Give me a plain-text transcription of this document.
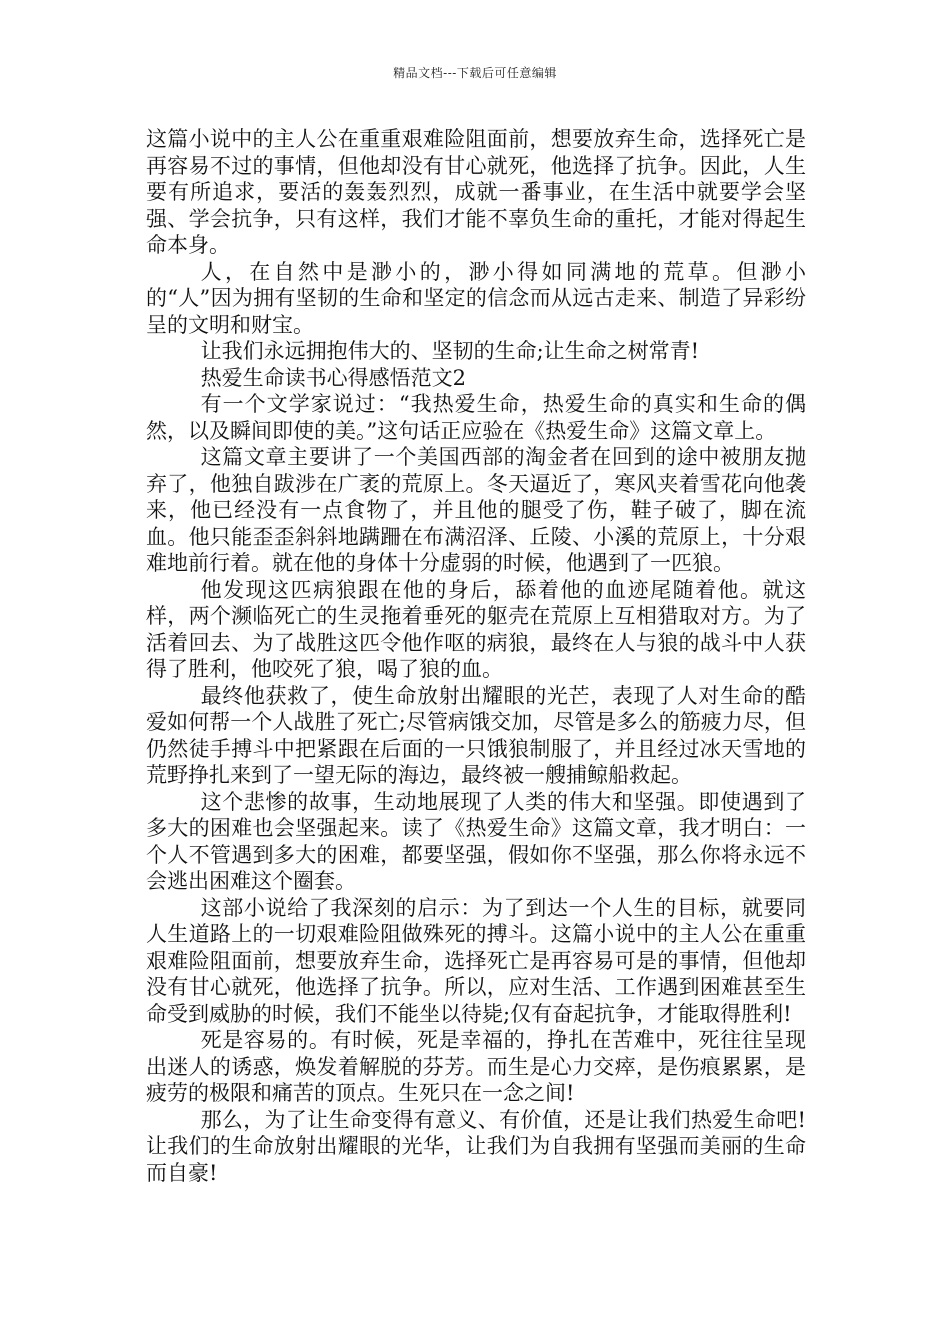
精品文档---下载后可任意编辑

这篇小说中的主人公在重重艰难险阻面前，想要放弃生命，选择死亡是再容易不过的事情，但他却没有甘心就死，他选择了抗争。因此，人生要有所追求，要活的轰轰烈烈，成就一番事业，在生活中就要学会坚强、学会抗争，只有这样，我们才能不辜负生命的重托，才能对得起生命本身。

人，在自然中是渺小的，渺小得如同满地的荒草。但渺小的“人”因为拥有坚韧的生命和坚定的信念而从远古走来、制造了异彩纷呈的文明和财宝。

让我们永远拥抱伟大的、坚韧的生命;让生命之树常青!

热爱生命读书心得感悟范文2

有一个文学家说过：“我热爱生命，热爱生命的真实和生命的偶然，以及瞬间即使的美。”这句话正应验在《热爱生命》这篇文章上。

这篇文章主要讲了一个美国西部的淘金者在回到的途中被朋友抛弃了，他独自跋涉在广袤的荒原上。冬天逼近了，寒风夹着雪花向他袭来，他已经没有一点食物了，并且他的腿受了伤，鞋子破了，脚在流血。他只能歪歪斜斜地蹒跚在布满沼泽、丘陵、小溪的荒原上，十分艰难地前行着。就在他的身体十分虚弱的时候，他遇到了一匹狼。

他发现这匹病狼跟在他的身后，舔着他的血迹尾随着他。就这样，两个濒临死亡的生灵拖着垂死的躯壳在荒原上互相猎取对方。为了活着回去、为了战胜这匹令他作呕的病狼，最终在人与狼的战斗中人获得了胜利，他咬死了狼，喝了狼的血。

最终他获救了，使生命放射出耀眼的光芒，表现了人对生命的酷爱如何帮一个人战胜了死亡;尽管病饿交加，尽管是多么的筋疲力尽，但仍然徒手搏斗中把紧跟在后面的一只饿狼制服了，并且经过冰天雪地的荒野挣扎来到了一望无际的海边，最终被一艘捕鲸船救起。

这个悲惨的故事，生动地展现了人类的伟大和坚强。即使遇到了多大的困难也会坚强起来。读了《热爱生命》这篇文章，我才明白：一个人不管遇到多大的困难，都要坚强，假如你不坚强，那么你将永远不会逃出困难这个圈套。

这部小说给了我深刻的启示：为了到达一个人生的目标，就要同人生道路上的一切艰难险阻做殊死的搏斗。这篇小说中的主人公在重重艰难险阻面前，想要放弃生命，选择死亡是再容易可是的事情，但他却没有甘心就死，他选择了抗争。所以，应对生活、工作遇到困难甚至生命受到威胁的时候，我们不能坐以待毙;仅有奋起抗争，才能取得胜利!

死是容易的。有时候，死是幸福的，挣扎在苦难中，死往往呈现出迷人的诱惑，焕发着解脱的芬芳。而生是心力交瘁，是伤痕累累，是疲劳的极限和痛苦的顶点。生死只在一念之间!

那么，为了让生命变得有意义、有价值，还是让我们热爱生命吧!让我们的生命放射出耀眼的光华，让我们为自我拥有坚强而美丽的生命而自豪!
